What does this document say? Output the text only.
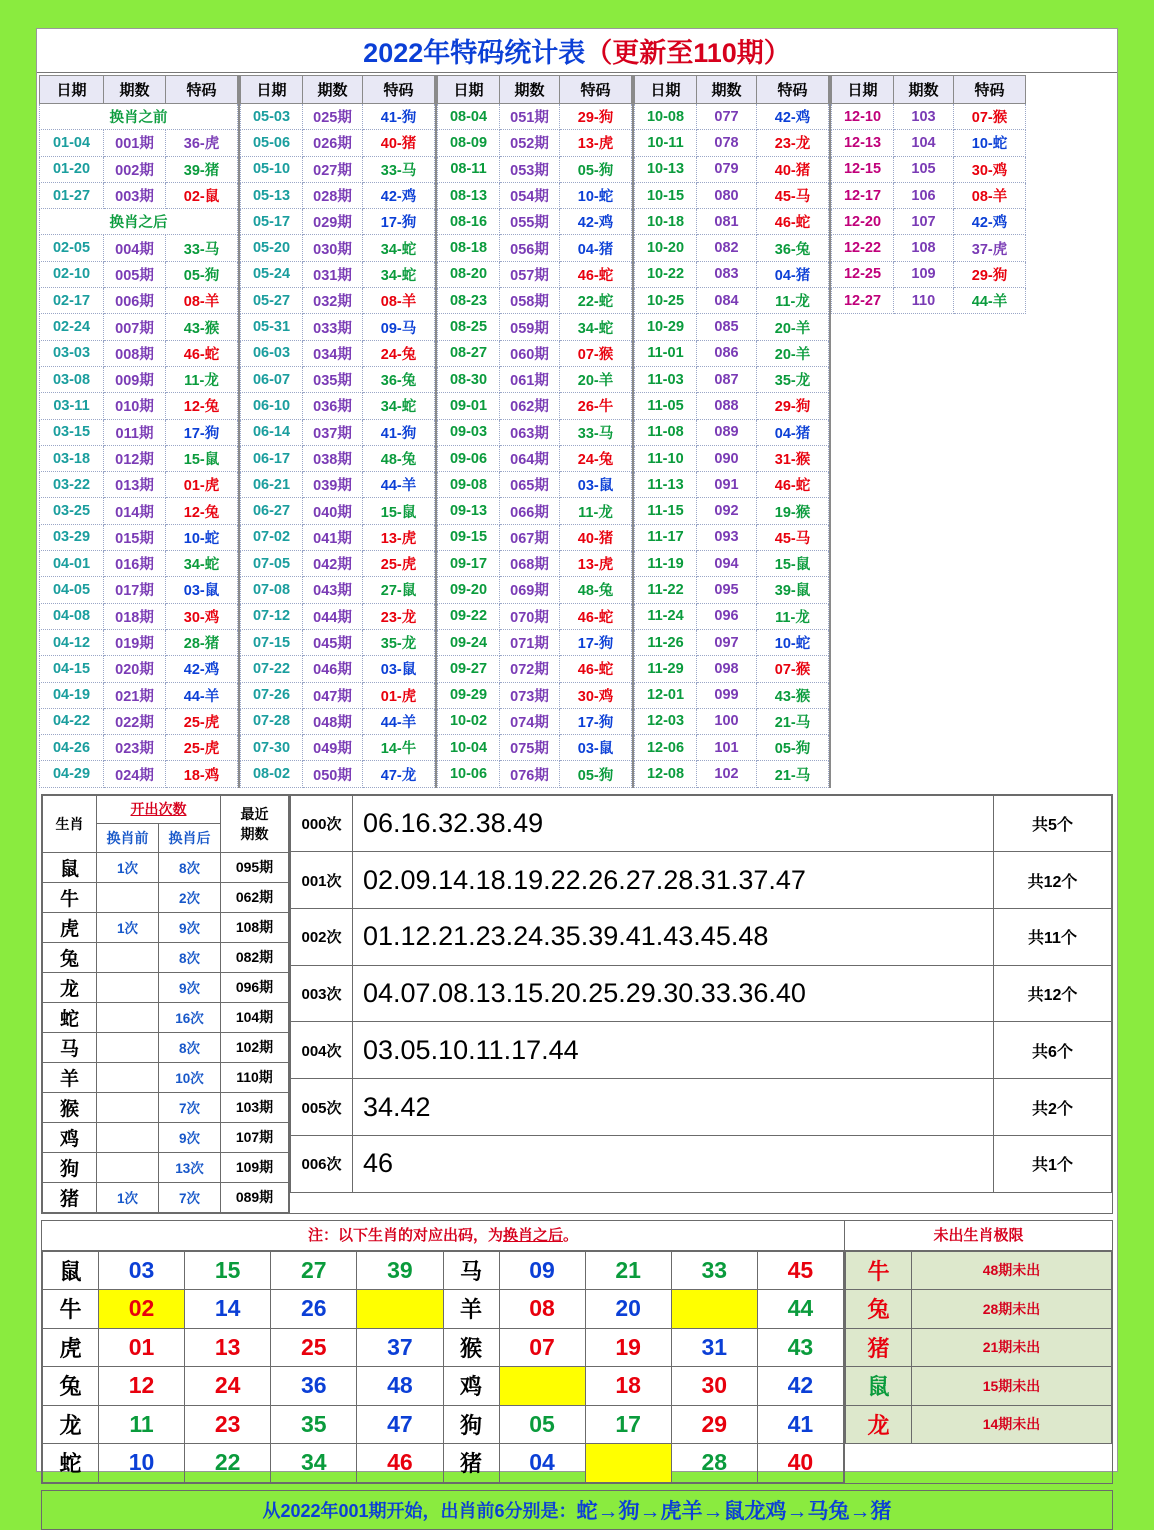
2022年特码统计表 （更新至110期）
日期	期数	特码
换肖之前		
01-04	001期	36-虎
01-20	002期	39-猪
01-27	003期	02-鼠
换肖之后		
02-05	004期	33-马
02-10	005期	05-狗
02-17	006期	08-羊
02-24	007期	43-猴
03-03	008期	46-蛇
03-08	009期	11-龙
03-11	010期	12-兔
03-15	011期	17-狗
03-18	012期	15-鼠
03-22	013期	01-虎
03-25	014期	12-兔
03-29	015期	10-蛇
04-01	016期	34-蛇
04-05	017期	03-鼠
04-08	018期	30-鸡
04-12	019期	28-猪
04-15	020期	42-鸡
04-19	021期	44-羊
04-22	022期	25-虎
04-26	023期	25-虎
04-29	024期	18-鸡
日期	期数	特码
05-03	025期	41-狗
05-06	026期	40-猪
05-10	027期	33-马
05-13	028期	42-鸡
05-17	029期	17-狗
05-20	030期	34-蛇
05-24	031期	34-蛇
05-27	032期	08-羊
05-31	033期	09-马
06-03	034期	24-兔
06-07	035期	36-兔
06-10	036期	34-蛇
06-14	037期	41-狗
06-17	038期	48-兔
06-21	039期	44-羊
06-27	040期	15-鼠
07-02	041期	13-虎
07-05	042期	25-虎
07-08	043期	27-鼠
07-12	044期	23-龙
07-15	045期	35-龙
07-22	046期	03-鼠
07-26	047期	01-虎
07-28	048期	44-羊
07-30	049期	14-牛
08-02	050期	47-龙
日期	期数	特码
08-04	051期	29-狗
08-09	052期	13-虎
08-11	053期	05-狗
08-13	054期	10-蛇
08-16	055期	42-鸡
08-18	056期	04-猪
08-20	057期	46-蛇
08-23	058期	22-蛇
08-25	059期	34-蛇
08-27	060期	07-猴
08-30	061期	20-羊
09-01	062期	26-牛
09-03	063期	33-马
09-06	064期	24-兔
09-08	065期	03-鼠
09-13	066期	11-龙
09-15	067期	40-猪
09-17	068期	13-虎
09-20	069期	48-兔
09-22	070期	46-蛇
09-24	071期	17-狗
09-27	072期	46-蛇
09-29	073期	30-鸡
10-02	074期	17-狗
10-04	075期	03-鼠
10-06	076期	05-狗
日期	期数	特码
10-08	077	42-鸡
10-11	078	23-龙
10-13	079	40-猪
10-15	080	45-马
10-18	081	46-蛇
10-20	082	36-兔
10-22	083	04-猪
10-25	084	11-龙
10-29	085	20-羊
11-01	086	20-羊
11-03	087	35-龙
11-05	088	29-狗
11-08	089	04-猪
11-10	090	31-猴
11-13	091	46-蛇
11-15	092	19-猴
11-17	093	45-马
11-19	094	15-鼠
11-22	095	39-鼠
11-24	096	11-龙
11-26	097	10-蛇
11-29	098	07-猴
12-01	099	43-猴
12-03	100	21-马
12-06	101	05-狗
12-08	102	21-马
日期	期数	特码
12-10	103	07-猴
12-13	104	10-蛇
12-15	105	30-鸡
12-17	106	08-羊
12-20	107	42-鸡
12-22	108	37-虎
12-25	109	29-狗
12-27	110	44-羊
生肖	开出次数		最近
期数

	换肖前	换肖后	
鼠	1次	8次	095期
牛		2次	062期
虎	1次	9次	108期
兔		8次	082期
龙		9次	096期
蛇		16次	104期
马		8次	102期
羊		10次	110期
猴		7次	103期
鸡		9次	107期
狗		13次	109期
猪	1次	7次	089期
000次	06.16.32.38.49	共5个
001次	02.09.14.18.19.22.26.27.28.31.37.47	共12个
002次	01.12.21.23.24.35.39.41.43.45.48	共11个
003次	04.07.08.13.15.20.25.29.30.33.36.40	共12个
004次	03.05.10.11.17.44	共6个
005次	34.42	共2个
006次	46	共1个
注：以下生肖的对应出码，为换肖之后。
鼠	03	15	27	39	马	09	21	33	45
牛	02	14	26		羊	08	20		44
虎	01	13	25	37	猴	07	19	31	43
兔	12	24	36	48	鸡		18	30	42
龙	11	23	35	47	狗	05	17	29	41
蛇	10	22	34	46	猪	04		28	40
未出生肖极限
牛	48期未出
兔	28期未出
猪	21期未出
鼠	15期未出
龙	14期未出
从2022年001期开始，出肖前6分别是： 蛇→狗→虎羊→鼠龙鸡→马兔→猪
